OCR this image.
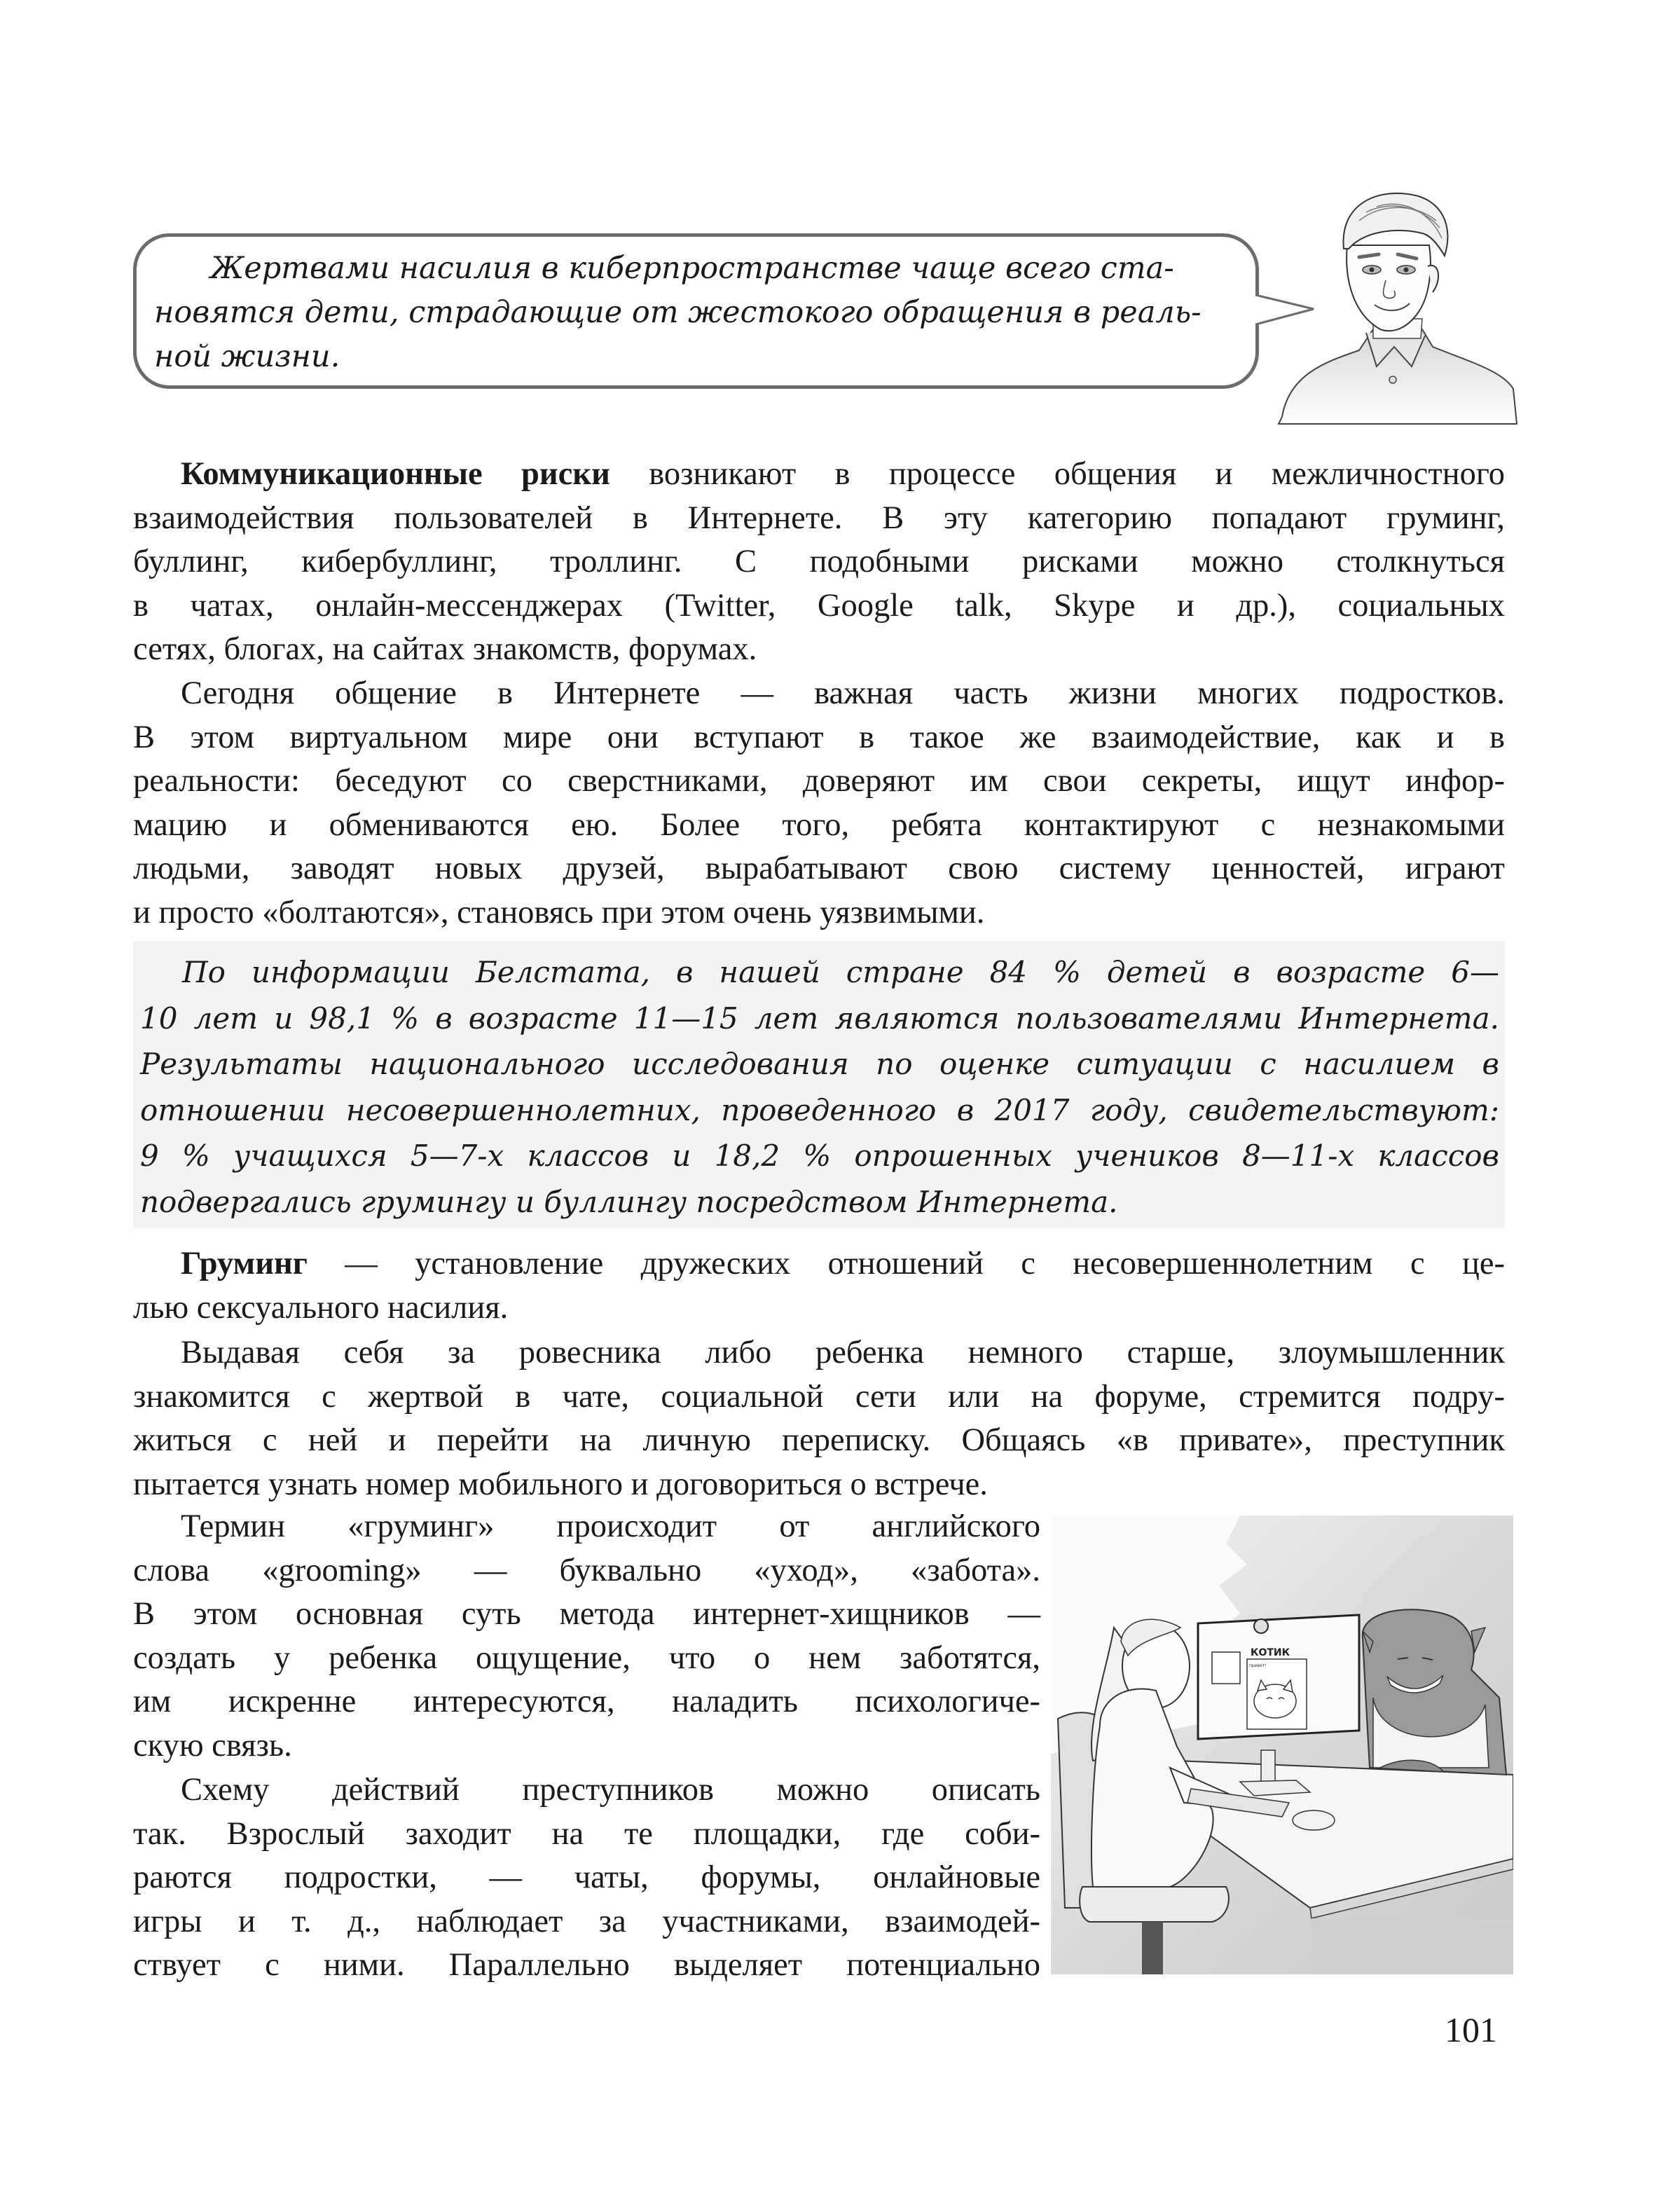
Жертвами насилия в киберпространстве чаще всего ста-
новятся дети, страдающие от жестокого обращения в реаль-
ной жизни.
Коммуникационные риски возникают в процессе общения и межличностного
взаимодействия пользователей в Интернете. В эту категорию попадают груминг,
буллинг, кибербуллинг, троллинг. С подобными рисками можно столкнуться
в чатах, онлайн-мессенджерах (Twitter, Google talk, Skype и др.), социальных
сетях, блогах, на сайтах знакомств, форумах.
Сегодня общение в Интернете — важная часть жизни многих подростков.
В этом виртуальном мире они вступают в такое же взаимодействие, как и в
реальности: беседуют со сверстниками, доверяют им свои секреты, ищут инфор-
мацию и обмениваются ею. Более того, ребята контактируют с незнакомыми
людьми, заводят новых друзей, вырабатывают свою систему ценностей, играют
и просто «болтаются», становясь при этом очень уязвимыми.
По информации Белстата, в нашей стране 84 % детей в возрасте 6—
10 лет и 98,1 % в возрасте 11—15 лет являются пользователями Интернета.
Результаты национального исследования по оценке ситуации с насилием в
отношении несовершеннолетних, проведенного в 2017 году, свидетельствуют:
9 % учащихся 5—7-х классов и 18,2 % опрошенных учеников 8—11-х классов
подвергались грумингу и буллингу посредством Интернета.
Груминг — установление дружеских отношений с несовершеннолетним с це-
лью сексуального насилия.
Выдавая себя за ровесника либо ребенка немного старше, злоумышленник
знакомится с жертвой в чате, социальной сети или на форуме, стремится подру-
житься с ней и перейти на личную переписку. Общаясь «в привате», преступник
пытается узнать номер мобильного и договориться о встрече.
Термин «груминг» происходит от английского
слова «grooming» — буквально «уход», «забота».
В этом основная суть метода интернет-хищников —
создать у ребенка ощущение, что о нем заботятся,
им искренне интересуются, наладить психологиче-
скую связь.
Схему действий преступников можно описать
так. Взрослый заходит на те площадки, где соби-
раются подростки, — чаты, форумы, онлайновые
игры и т. д., наблюдает за участниками, взаимодей-
ствует с ними. Параллельно выделяет потенциально
КОТИК
привет!
101
